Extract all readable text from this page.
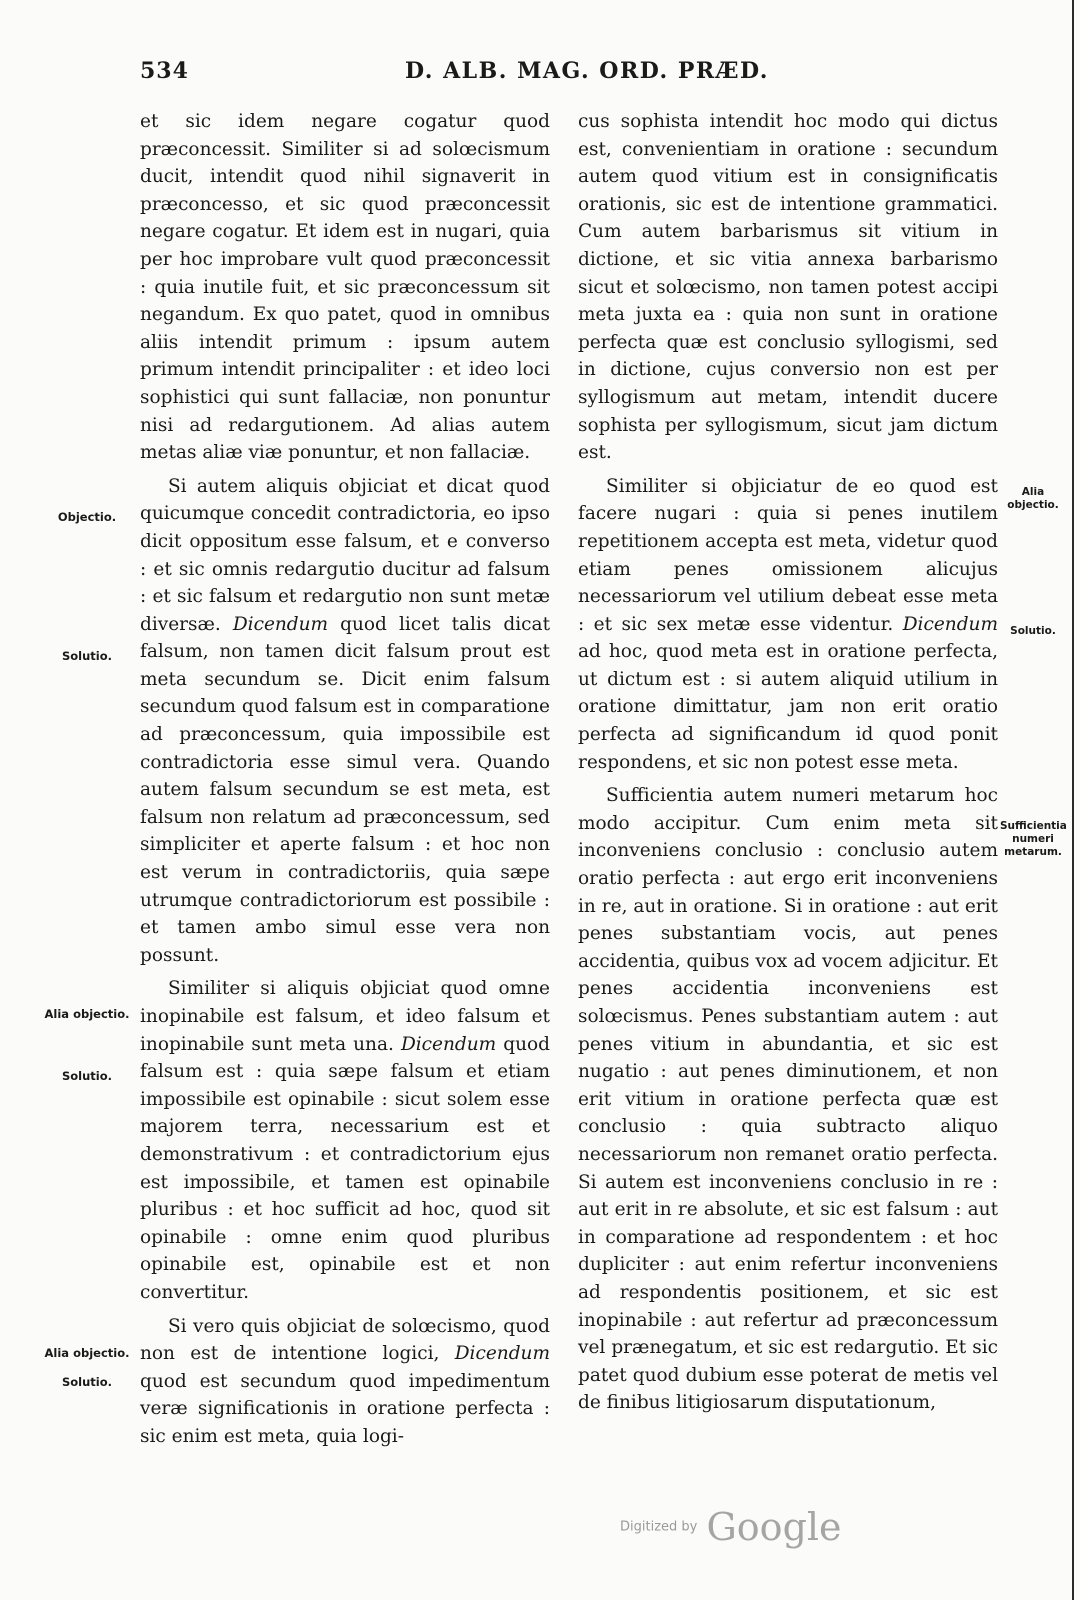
534	D. ALB. MAG. ORD. PRÆD.

et sic idem negare cogatur quod præconcessit. Similiter si ad solœcismum ducit, intendit quod nihil signaverit in præconcesso, et sic quod præconcessit negare cogatur. Et idem est in nugari, quia per hoc improbare vult quod præconcessit : quia inutile fuit, et sic præconcessum sit negandum. Ex quo patet, quod in omnibus aliis intendit primum : ipsum autem primum intendit principaliter : et ideo loci sophistici qui sunt fallaciæ, non ponuntur nisi ad redargutionem. Ad alias autem metas aliæ viæ ponuntur, et non fallaciæ.

Si autem aliquis objiciat et dicat quod quicumque concedit contradictoria, eo ipso dicit oppositum esse falsum, et e converso : et sic omnis redargutio ducitur ad falsum : et sic falsum et redargutio non sunt metæ diversæ. Dicendum quod licet talis dicat falsum, non tamen dicit falsum prout est meta secundum se. Dicit enim falsum secundum quod falsum est in comparatione ad præconcessum, quia impossibile est contradictoria esse simul vera. Quando autem falsum secundum se est meta, est falsum non relatum ad præconcessum, sed simpliciter et aperte falsum : et hoc non est verum in contradictoriis, quia sæpe utrumque contradictoriorum est possibile : et tamen ambo simul esse vera non possunt.

Similiter si aliquis objiciat quod omne inopinabile est falsum, et ideo falsum et inopinabile sunt meta una. Dicendum quod falsum est : quia sæpe falsum et etiam impossibile est opinabile : sicut solem esse majorem terra, necessarium est et demonstrativum : et contradictorium ejus est impossibile, et tamen est opinabile pluribus : et hoc sufficit ad hoc, quod sit opinabile : omne enim quod pluribus opinabile est, opinabile est et non convertitur.

Si vero quis objiciat de solœcismo, quod non est de intentione logici, Dicendum quod est secundum quod impedimentum veræ significationis in oratione perfecta : sic enim est meta, quia logi-

cus sophista intendit hoc modo qui dictus est, convenientiam in oratione : secundum autem quod vitium est in consignificatis orationis, sic est de intentione grammatici. Cum autem barbarismus sit vitium in dictione, et sic vitia annexa barbarismo sicut et solœcismo, non tamen potest accipi meta juxta ea : quia non sunt in oratione perfecta quæ est conclusio syllogismi, sed in dictione, cujus conversio non est per syllogismum aut metam, intendit ducere sophista per syllogismum, sicut jam dictum est.

Similiter si objiciatur de eo quod est facere nugari : quia si penes inutilem repetitionem accepta est meta, videtur quod etiam penes omissionem alicujus necessariorum vel utilium debeat esse meta : et sic sex metæ esse videntur. Dicendum ad hoc, quod meta est in oratione perfecta, ut dictum est : si autem aliquid utilium in oratione dimittatur, jam non erit oratio perfecta ad significandum id quod ponit respondens, et sic non potest esse meta.

Sufficientia autem numeri metarum hoc modo accipitur. Cum enim meta sit inconveniens conclusio : conclusio autem oratio perfecta : aut ergo erit inconveniens in re, aut in oratione. Si in oratione : aut erit penes substantiam vocis, aut penes accidentia, quibus vox ad vocem adjicitur. Et penes accidentia inconveniens est solœcismus. Penes substantiam autem : aut penes vitium in abundantia, et sic est nugatio : aut penes diminutionem, et non erit vitium in oratione perfecta quæ est conclusio : quia subtracto aliquo necessariorum non remanet oratio perfecta. Si autem est inconveniens conclusio in re : aut erit in re absolute, et sic est falsum : aut in comparatione ad respondentem : et hoc dupliciter : aut enim refertur inconveniens ad respondentis positionem, et sic est inopinabile : aut refertur ad præconcessum vel prænegatum, et sic est redargutio. Et sic patet quod dubium esse poterat de metis vel de finibus litigiosarum disputationum,

Objectio.
Solutio.
Alia objectio.
Solutio.
Alia objectio.
Solutio.
Alia objectio.
Solutio.
Sufficientia numeri metarum.
Digitized by Google
